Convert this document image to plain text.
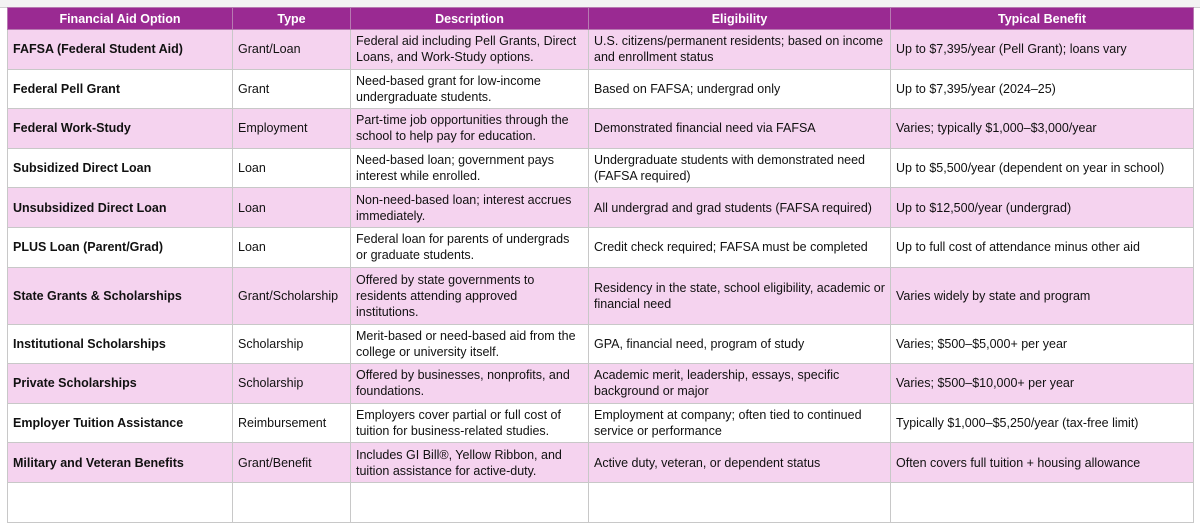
Financial Aid Option	Type	Description	Eligibility	Typical Benefit
FAFSA (Federal Student Aid)	Grant/Loan	Federal aid including Pell Grants, Direct Loans, and Work-Study options.	U.S. citizens/permanent residents; based on income and enrollment status	Up to $7,395/year (Pell Grant); loans vary
Federal Pell Grant	Grant	Need-based grant for low-income undergraduate students.	Based on FAFSA; undergrad only	Up to $7,395/year (2024–25)
Federal Work-Study	Employment	Part-time job opportunities through the school to help pay for education.	Demonstrated financial need via FAFSA	Varies; typically $1,000–$3,000/year
Subsidized Direct Loan	Loan	Need-based loan; government pays interest while enrolled.	Undergraduate students with demonstrated need (FAFSA required)	Up to $5,500/year (dependent on year in school)
Unsubsidized Direct Loan	Loan	Non-need-based loan; interest accrues immediately.	All undergrad and grad students (FAFSA required)	Up to $12,500/year (undergrad)
PLUS Loan (Parent/Grad)	Loan	Federal loan for parents of undergrads or graduate students.	Credit check required; FAFSA must be completed	Up to full cost of attendance minus other aid
State Grants & Scholarships	Grant/Scholarship	Offered by state governments to residents attending approved institutions.	Residency in the state, school eligibility, academic or financial need	Varies widely by state and program
Institutional Scholarships	Scholarship	Merit-based or need-based aid from the college or university itself.	GPA, financial need, program of study	Varies; $500–$5,000+ per year
Private Scholarships	Scholarship	Offered by businesses, nonprofits, and foundations.	Academic merit, leadership, essays, specific background or major	Varies; $500–$10,000+ per year
Employer Tuition Assistance	Reimbursement	Employers cover partial or full cost of tuition for business-related studies.	Employment at company; often tied to continued service or performance	Typically $1,000–$5,250/year (tax-free limit)
Military and Veteran Benefits	Grant/Benefit	Includes GI Bill®, Yellow Ribbon, and tuition assistance for active-duty.	Active duty, veteran, or dependent status	Often covers full tuition + housing allowance
